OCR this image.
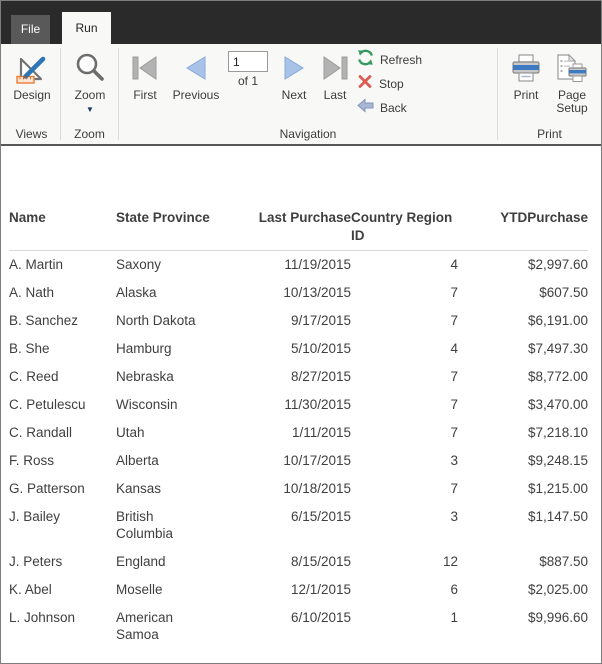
File	Run
Design
Views
Zoom
▼
Zoom
First Previous
1
of 1
Next Last
Refresh
Stop
Back
Navigation
Print	Page Setup
Print
Name	State Province	Last Purchase	Country Region ID	YTDPurchase
A. Martin	Saxony	11/19/2015	4	$2,997.60
A. Nath	Alaska	10/13/2015	7	$607.50
B. Sanchez	North Dakota	9/17/2015	7	$6,191.00
B. She	Hamburg	5/10/2015	4	$7,497.30
C. Reed	Nebraska	8/27/2015	7	$8,772.00
C. Petulescu	Wisconsin	11/30/2015	7	$3,470.00
C. Randall	Utah	1/11/2015	7	$7,218.10
F. Ross	Alberta	10/17/2015	3	$9,248.15
G. Patterson	Kansas	10/18/2015	7	$1,215.00
J. Bailey	British Columbia	6/15/2015	3	$1,147.50
J. Peters	England	8/15/2015	12	$887.50
K. Abel	Moselle	12/1/2015	6	$2,025.00
L. Johnson	American Samoa	6/10/2015	1	$9,996.60
